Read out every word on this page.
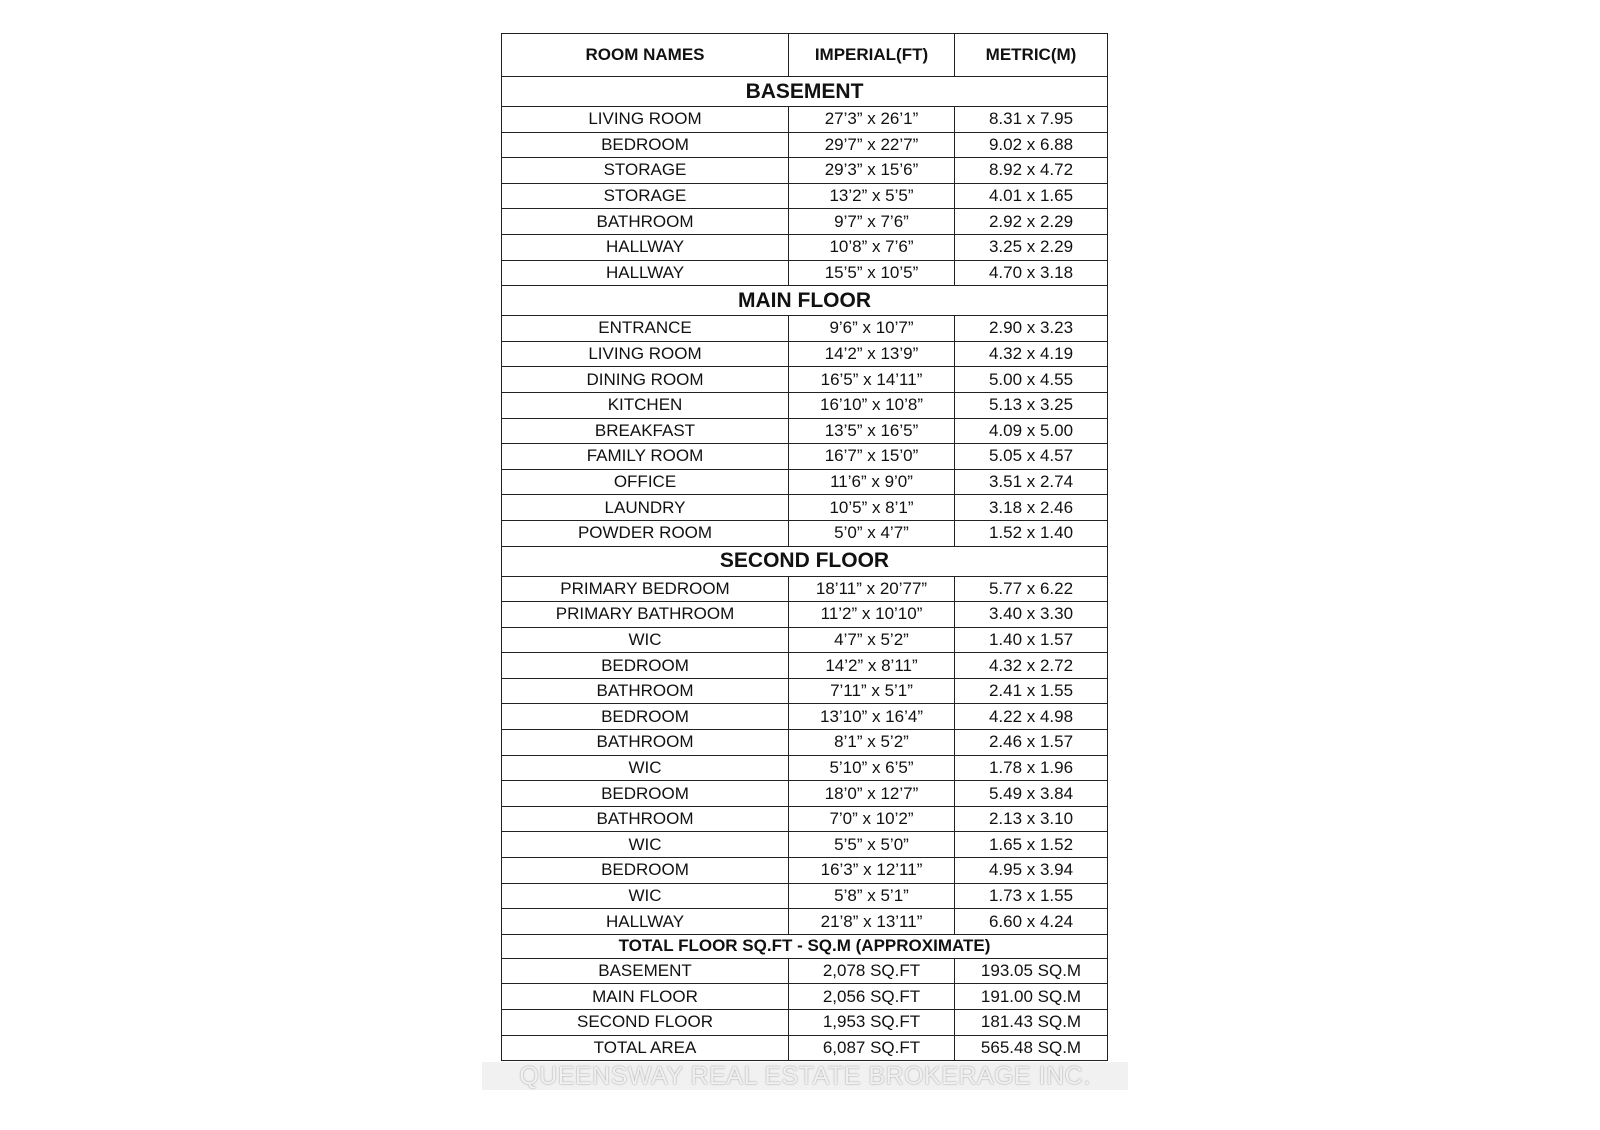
ROOM NAMES	IMPERIAL(FT)	METRIC(M)
BASEMENT		
LIVING ROOM	27’3” x 26’1”	8.31 x 7.95
BEDROOM	29’7” x 22’7”	9.02 x 6.88
STORAGE	29’3” x 15’6”	8.92 x 4.72
STORAGE	13’2” x 5’5”	4.01 x 1.65
BATHROOM	9’7” x 7’6”	2.92 x 2.29
HALLWAY	10’8” x 7’6”	3.25 x 2.29
HALLWAY	15’5” x 10’5”	4.70 x 3.18
MAIN FLOOR		
ENTRANCE	9’6” x 10’7”	2.90 x 3.23
LIVING ROOM	14’2” x 13’9”	4.32 x 4.19
DINING ROOM	16’5” x 14’11”	5.00 x 4.55
KITCHEN	16’10” x 10’8”	5.13 x 3.25
BREAKFAST	13’5” x 16’5”	4.09 x 5.00
FAMILY ROOM	16’7” x 15’0”	5.05 x 4.57
OFFICE	11’6” x 9’0”	3.51 x 2.74
LAUNDRY	10’5” x 8’1”	3.18 x 2.46
POWDER ROOM	5’0” x 4’7”	1.52 x 1.40
SECOND FLOOR		
PRIMARY BEDROOM	18’11” x 20’77”	5.77 x 6.22
PRIMARY BATHROOM	11’2” x 10’10”	3.40 x 3.30
WIC	4’7” x 5’2”	1.40 x 1.57
BEDROOM	14’2” x 8’11”	4.32 x 2.72
BATHROOM	7’11” x 5’1”	2.41 x 1.55
BEDROOM	13’10” x 16’4”	4.22 x 4.98
BATHROOM	8’1” x 5’2”	2.46 x 1.57
WIC	5’10” x 6’5”	1.78 x 1.96
BEDROOM	18’0” x 12’7”	5.49 x 3.84
BATHROOM	7’0” x 10’2”	2.13 x 3.10
WIC	5’5” x 5’0”	1.65 x 1.52
BEDROOM	16’3” x 12’11”	4.95 x 3.94
WIC	5’8” x 5’1”	1.73 x 1.55
HALLWAY	21’8” x 13’11”	6.60 x 4.24
TOTAL FLOOR SQ.FT - SQ.M (APPROXIMATE)		
BASEMENT	2,078 SQ.FT	193.05 SQ.M
MAIN FLOOR	2,056 SQ.FT	191.00 SQ.M
SECOND FLOOR	1,953 SQ.FT	181.43 SQ.M
TOTAL AREA	6,087 SQ.FT	565.48 SQ.M
QUEENSWAY REAL ESTATE BROKERAGE INC.
